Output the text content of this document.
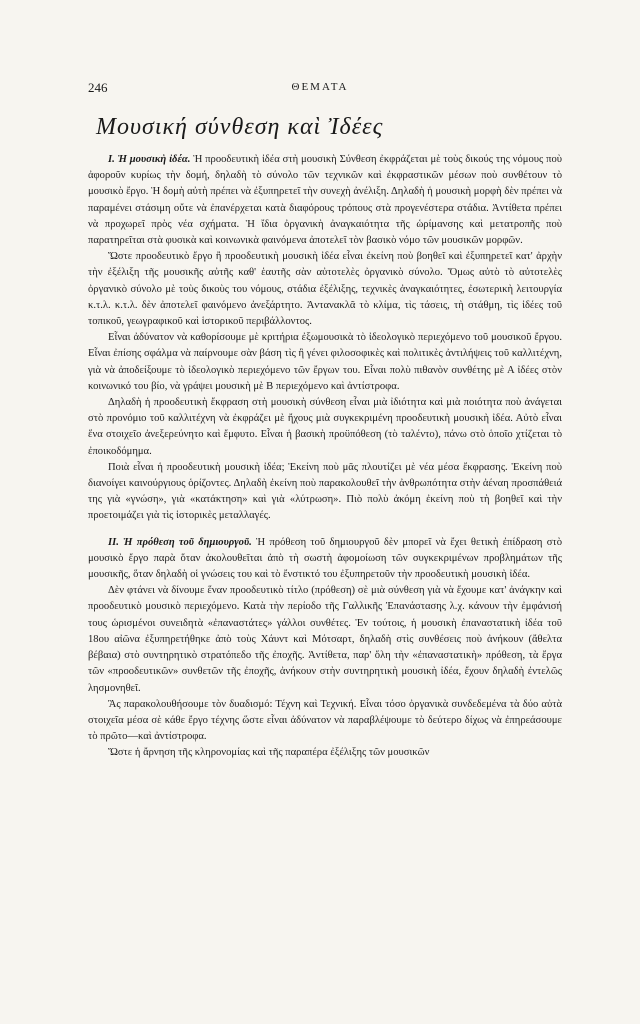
246	ΘΕΜΑΤΑ
Μουσική σύνθεση καὶ Ἰδέες

Ι. Ἡ μουσικὴ ἰδέα. Ἡ προοδευτικὴ ἰδέα στὴ μουσικὴ Σύνθεση ἐκφράζεται μὲ τοὺς δικούς της νόμους ποὺ ἀφοροῦν κυρίως τὴν δομή, δηλαδὴ τὸ σύνολο τῶν τεχνικῶν καὶ ἐκφραστικῶν μέσων ποὺ συνθέτουν τὸ μουσικὸ ἔργο. Ἡ δομὴ αὐτὴ πρέπει νὰ ἐξυπηρετεῖ τὴν συνεχὴ ἀνέλιξη. Δηλαδὴ ἡ μουσικὴ μορφὴ δὲν πρέπει νὰ παραμένει στάσιμη οὔτε νὰ ἐπανέρχεται κατὰ διαφόρους τρόπους στὰ προγενέστερα στάδια. Ἀντίθετα πρέπει νὰ προχωρεῖ πρὸς νέα σχήματα. Ἡ ἴδια ὀργανικὴ ἀναγκαιότητα τῆς ὡρίμανσης καὶ μετατροπῆς ποὺ παρατηρεῖται στὰ φυσικὰ καὶ κοινωνικὰ φαινόμενα ἀποτελεῖ τὸν βασικὸ νόμο τῶν μουσικῶν μορφῶν.

Ὥστε προοδευτικὸ ἔργο ἢ προοδευτικὴ μουσικὴ ἰδέα εἶναι ἐκείνη ποὺ βοηθεῖ καὶ ἐξυπηρετεῖ κατ' ἀρχὴν τὴν ἐξέλιξη τῆς μουσικῆς αὐτῆς καθ' ἑαυτῆς σὰν αὐτοτελὲς ὀργανικὸ σύνολο. Ὅμως αὐτὸ τὸ αὐτοτελὲς ὀργανικὸ σύνολο μὲ τοὺς δικοὺς του νόμους, στάδια ἐξέλιξης, τεχνικὲς ἀναγκαιότητες, ἐσωτερικὴ λειτουργία κ.τ.λ. κ.τ.λ. δὲν ἀποτελεῖ φαινόμενο ἀνεξάρτητο. Ἀντανακλᾶ τὸ κλίμα, τὶς τάσεις, τὴ στάθμη, τὶς ἰδέες τοῦ τοπικοῦ, γεωγραφικοῦ καὶ ἱστορικοῦ περιβάλλοντος.

Εἶναι ἀδύνατον νὰ καθορίσουμε μὲ κριτήρια ἐξωμουσικὰ τὸ ἰδεολογικὸ περιεχόμενο τοῦ μουσικοῦ ἔργου. Εἶναι ἐπίσης σφάλμα νὰ παίρνουμε σὰν βάση τὶς ἢ γένει φιλοσοφικὲς καὶ πολιτικὲς ἀντιλήψεις τοῦ καλλιτέχνη, γιὰ νὰ ἀποδείξουμε τὸ ἰδεολογικὸ περιεχόμενο τῶν ἔργων του. Εἶναι πολὺ πιθανὸν συνθέτης μὲ Α ἰδέες στὸν κοινωνικό του βίο, νὰ γράψει μουσικὴ μὲ Β περιεχόμενο καὶ ἀντίστροφα.

Δηλαδὴ ἡ προοδευτικὴ ἔκφραση στὴ μουσικὴ σύνθεση εἶναι μιὰ ἰδιότητα καὶ μιὰ ποιότητα ποὺ ἀνάγεται στὸ προνόμιο τοῦ καλλιτέχνη νὰ ἐκφράζει μὲ ἤχους μιὰ συγκεκριμένη προοδευτικὴ μουσικὴ ἰδέα. Αὐτὸ εἶναι ἕνα στοιχεῖο ἀνεξερεύνητο καὶ ἔμφυτο. Εἶναι ἡ βασικὴ προϋπόθεση (τὸ ταλέντο), πάνω στὸ ὁποῖο χτίζεται τὸ ἐποικοδόμημα.

Ποιὰ εἶναι ἡ προοδευτικὴ μουσικὴ ἰδέα; Ἐκείνη ποὺ μᾶς πλουτίζει μὲ νέα μέσα ἔκφρασης. Ἐκείνη ποὺ διανοίγει καινούργιους ὁρίζοντες. Δηλαδὴ ἐκείνη ποὺ παρακολουθεῖ τὴν ἀνθρωπότητα στὴν ἀέναη προσπάθειά της γιὰ «γνώση», γιὰ «κατάκτηση» καὶ γιὰ «λύτρωση». Πιὸ πολὺ ἀκόμη ἐκείνη ποὺ τὴ βοηθεῖ καὶ τὴν προετοιμάζει γιὰ τὶς ἱστορικὲς μεταλλαγές.

ΙΙ. Ἡ πρόθεση τοῦ δημιουργοῦ. Ἡ πρόθεση τοῦ δημιουργοῦ δὲν μπορεῖ νὰ ἔχει θετικὴ ἐπίδραση στὸ μουσικὸ ἔργο παρὰ ὅταν ἀκολουθεῖται ἀπὸ τὴ σωστὴ ἀφομοίωση τῶν συγκεκριμένων προβλημάτων τῆς μουσικῆς, ὅταν δηλαδὴ οἱ γνώσεις του καὶ τὸ ἔνστικτό του ἐξυπηρετοῦν τὴν προοδευτικὴ μουσικὴ ἰδέα.

Δὲν φτάνει νὰ δίνουμε ἕναν προοδευτικὸ τίτλο (πρόθεση) σὲ μιὰ σύνθεση γιὰ νὰ ἔχουμε κατ' ἀνάγκην καὶ προοδευτικὸ μουσικὸ περιεχόμενο. Κατὰ τὴν περίοδο τῆς Γαλλικῆς Ἐπανάστασης λ.χ. κάνουν τὴν ἐμφάνισή τους ὡρισμένοι συνειδητὰ «ἐπαναστάτες» γάλλοι συνθέτες. Ἐν τούτοις, ἡ μουσικὴ ἐπαναστατικὴ ἰδέα τοῦ 18ου αἰῶνα ἐξυπηρετήθηκε ἀπὸ τοὺς Χάυντ καὶ Μότσαρτ, δηλαδὴ στὶς συνθέσεις ποὺ ἀνήκουν (ἄθελτα βέβαια) στὸ συντηρητικὸ στρατόπεδο τῆς ἐποχῆς. Ἀντίθετα, παρ' ὅλη τὴν «ἐπαναστατικὴ» πρόθεση, τὰ ἔργα τῶν «προοδευτικῶν» συνθετῶν τῆς ἐποχῆς, ἀνήκουν στὴν συντηρητικὴ μουσικὴ ἰδέα, ἔχουν δηλαδὴ ἐντελῶς λησμονηθεῖ.

Ἂς παρακολουθήσουμε τὸν δυαδισμό: Τέχνη καὶ Τεχνική. Εἶναι τόσο ὀργανικὰ συνδεδεμένα τὰ δύο αὐτὰ στοιχεῖα μέσα σὲ κάθε ἔργο τέχνης ὥστε εἶναι ἀδύνατον νὰ παραβλέψουμε τὸ δεύτερο δίχως νὰ ἐπηρεάσουμε τὸ πρῶτο—καὶ ἀντίστροφα.

Ὥστε ἡ ἄρνηση τῆς κληρονομίας καὶ τῆς παραπέρα ἐξέλιξης τῶν μουσικῶν
